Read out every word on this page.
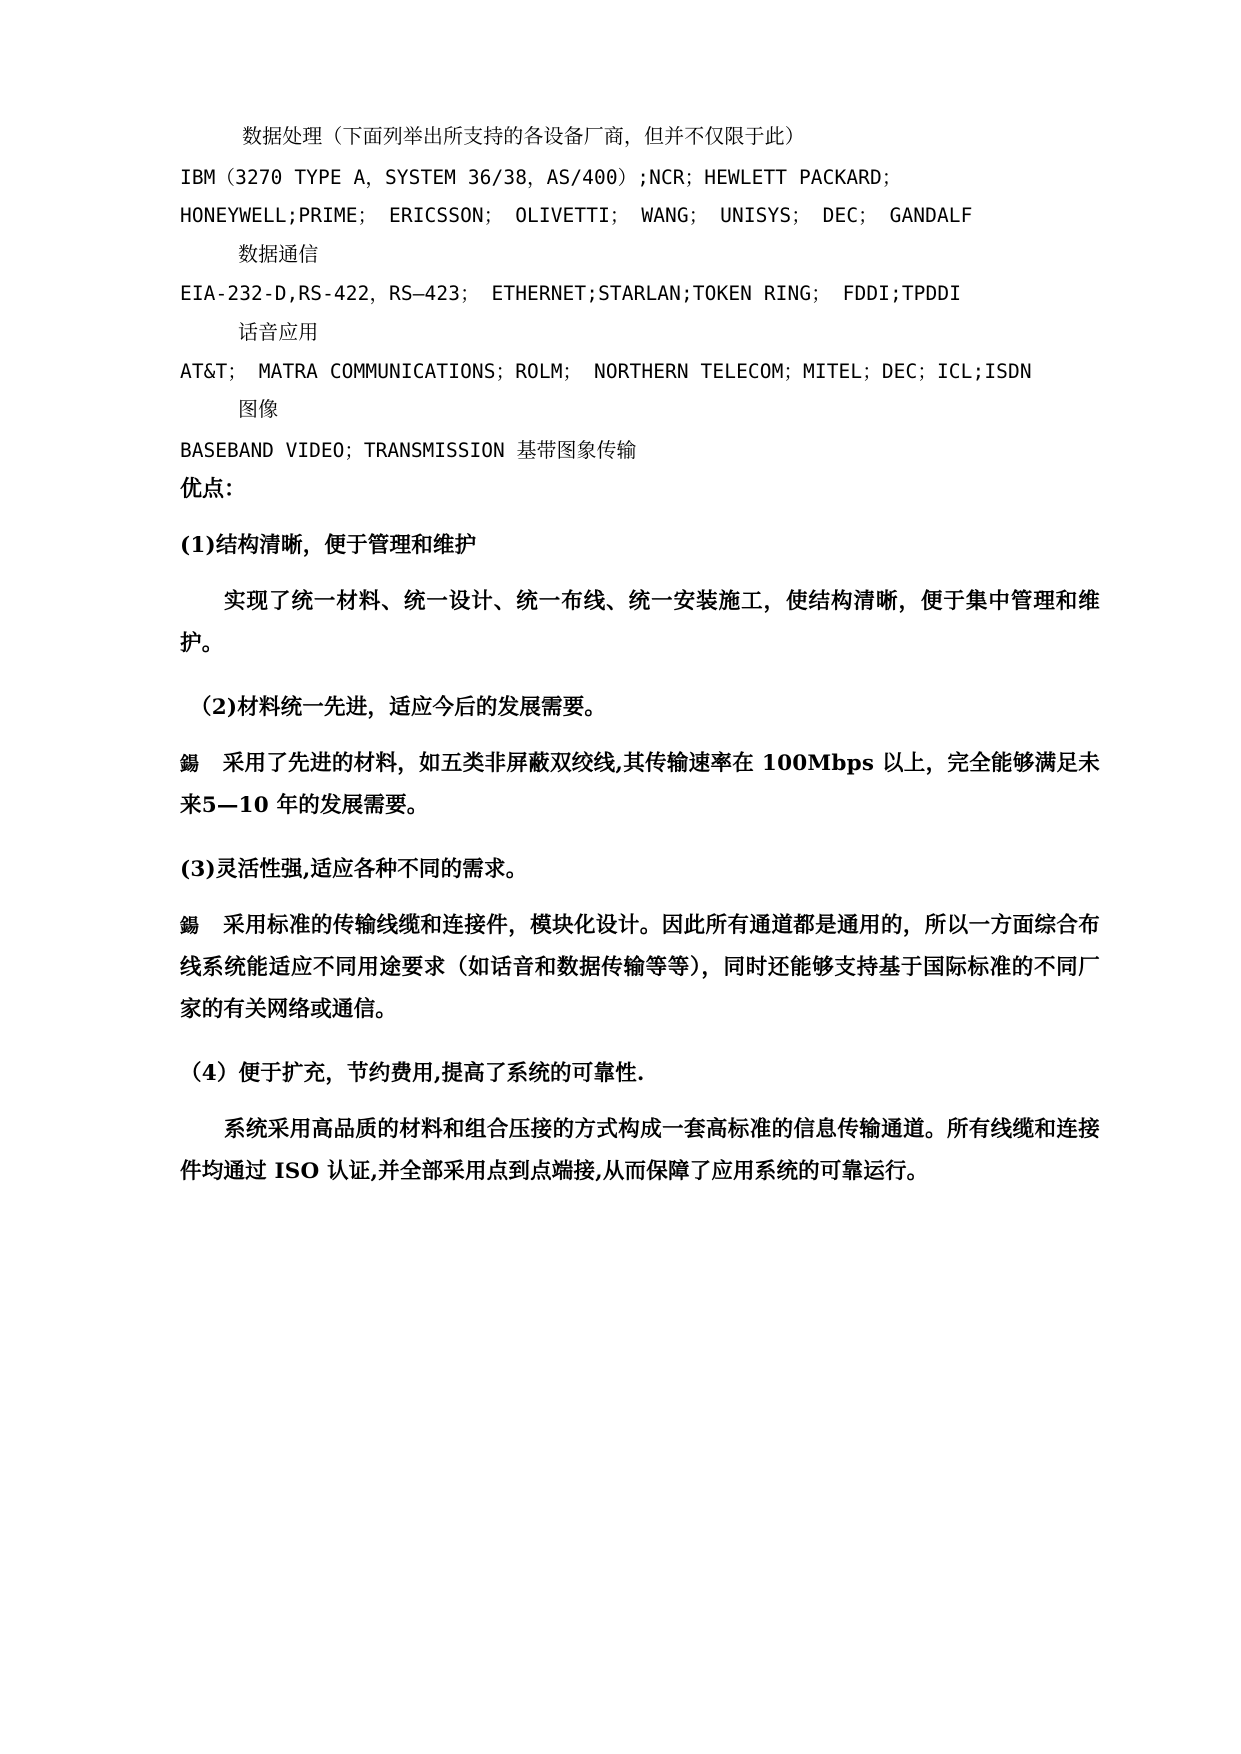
数据处理（下面列举出所支持的各设备厂商，但并不仅限于此）

IBM（3270 TYPE A，SYSTEM 36/38，AS/400）;NCR；HEWLETT PACKARD；

HONEYWELL;PRIME； ERICSSON； OLIVETTI； WANG； UNISYS； DEC； GANDALF

数据通信

EIA-232-D,RS-422，RS—423； ETHERNET;STARLAN;TOKEN RING； FDDI;TPDDI

话音应用

AT&T； MATRA COMMUNICATIONS；ROLM； NORTHERN TELECOM；MITEL；DEC；ICL;ISDN

图像

BASEBAND VIDEO；TRANSMISSION 基带图象传输

优点：

(1)结构清晰，便于管理和维护

实现了统一材料、统一设计、统一布线、统一安装施工，使结构清晰，便于集中管理和维护。

（2)材料统一先进，适应今后的发展需要。

鍚 采用了先进的材料，如五类非屏蔽双绞线,其传输速率在 100Mbps 以上，完全能够满足未来5—10 年的发展需要。

(3)灵活性强,适应各种不同的需求。

鍚 采用标准的传输线缆和连接件，模块化设计。因此所有通道都是通用的，所以一方面综合布线系统能适应不同用途要求（如话音和数据传输等等），同时还能够支持基于国际标准的不同厂家的有关网络或通信。

（4）便于扩充，节约费用,提高了系统的可靠性.

系统采用高品质的材料和组合压接的方式构成一套高标准的信息传输通道。所有线缆和连接件均通过 ISO 认证,并全部采用点到点端接,从而保障了应用系统的可靠运行。
